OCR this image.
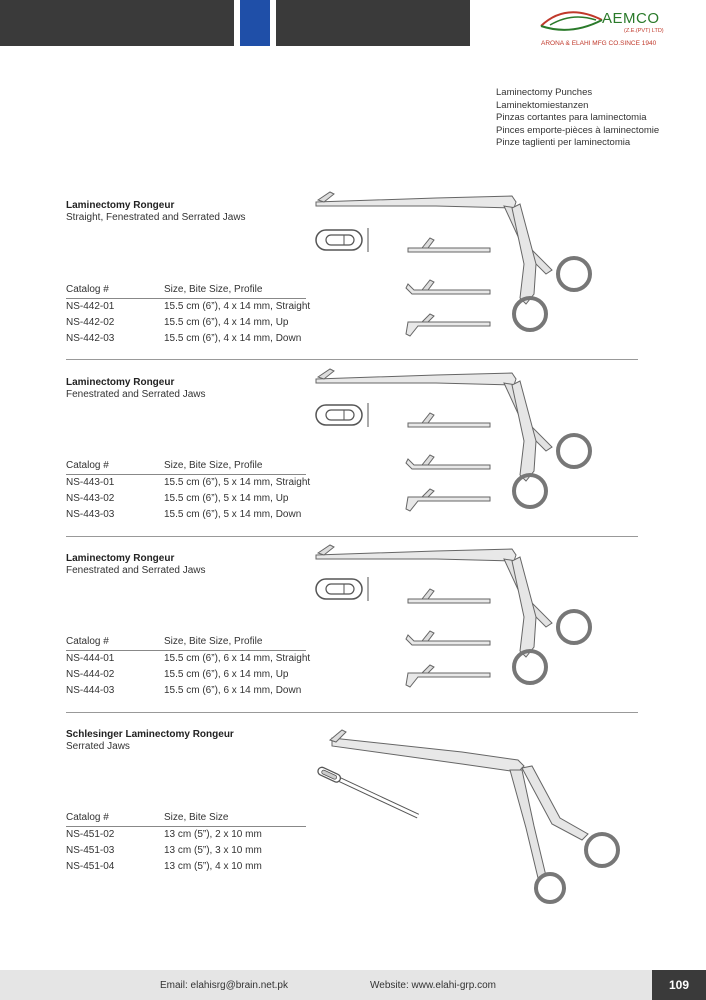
AEMCO
(Z.E.(PVT) LTD)
ARONA & ELAHI MFG CO.SINCE 1940
Laminectomy Punches
Laminektomiestanzen
Pinzas cortantes para laminectomia
Pinces emporte-pièces à laminectomie
Pinze taglienti per laminectomia
Laminectomy Rongeur
Straight, Fenestrated and Serrated Jaws
Catalog #	Size, Bite Size, Profile
NS-442-01	15.5 cm (6”), 4 x 14 mm, Straight
NS-442-02	15.5 cm (6”), 4 x 14 mm, Up
NS-442-03	15.5 cm (6”), 4 x 14 mm, Down
Laminectomy Rongeur
Fenestrated and Serrated Jaws
Catalog #	Size, Bite Size, Profile
NS-443-01	15.5 cm (6”), 5 x 14 mm, Straight
NS-443-02	15.5 cm (6”), 5 x 14 mm, Up
NS-443-03	15.5 cm (6”), 5 x 14 mm, Down
Laminectomy Rongeur
Fenestrated and Serrated Jaws
Catalog #	Size, Bite Size, Profile
NS-444-01	15.5 cm (6”), 6 x 14 mm, Straight
NS-444-02	15.5 cm (6”), 6 x 14 mm, Up
NS-444-03	15.5 cm (6”), 6 x 14 mm, Down
Schlesinger Laminectomy Rongeur
Serrated Jaws
Catalog #	Size, Bite Size
NS-451-02	13 cm (5”), 2 x 10 mm
NS-451-03	13 cm (5”), 3 x 10 mm
NS-451-04	13 cm (5”), 4 x 10 mm
Email: elahisrg@brain.net.pk	Website: www.elahi-grp.com	109
